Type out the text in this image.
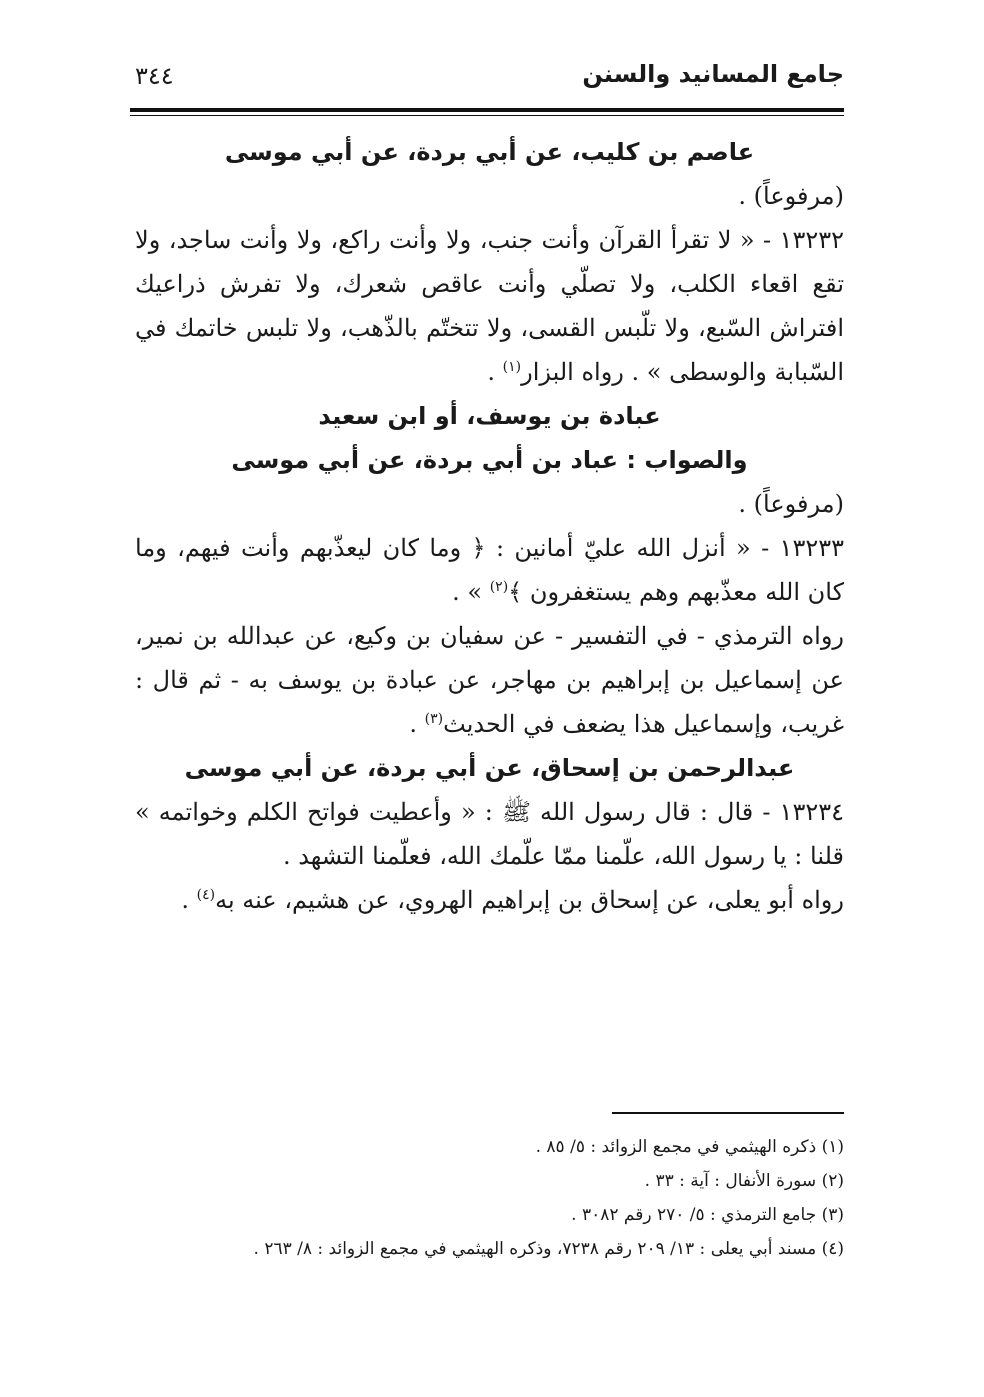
جامع المسانيد والسنن
٣٤٤

عاصم بن كليب، عن أبي بردة، عن أبي موسى

(مرفوعاً) .

١٣٢٣٢ - « لا تقرأ القرآن وأنت جنب، ولا وأنت راكع، ولا وأنت ساجد، ولا تقع اقعاء الكلب، ولا تصلّي وأنت عاقص شعرك، ولا تفرش ذراعيك افتراش السّبع، ولا تلّبس القسى، ولا تتختّم بالذّهب، ولا تلبس خاتمك في السّبابة والوسطى » . رواه البزار$^{(١)}$ .

عبادة بن يوسف، أو ابن سعيد

والصواب : عباد بن أبي بردة، عن أبي موسى

(مرفوعاً) .

١٣٢٣٣ - « أنزل الله عليّ أمانين : ﴿ وما كان ليعذّبهم وأنت فيهم، وما كان الله معذّبهم وهم يستغفرون ﴾$^{(٢)}$ » .

رواه الترمذي - في التفسير - عن سفيان بن وكيع، عن عبدالله بن نمير، عن إسماعيل بن إبراهيم بن مهاجر، عن عبادة بن يوسف به - ثم قال : غريب، وإسماعيل هذا يضعف في الحديث$^{(٣)}$ .

عبدالرحمن بن إسحاق، عن أبي بردة، عن أبي موسى

١٣٢٣٤ - قال : قال رسول الله ﷺ : « وأعطيت فواتح الكلم وخواتمه » قلنا : يا رسول الله، علّمنا ممّا علّمك الله، فعلّمنا التشهد .

رواه أبو يعلى، عن إسحاق بن إبراهيم الهروي، عن هشيم، عنه به$^{(٤)}$ .

(١) ذكره الهيثمي في مجمع الزوائد : ٥/ ٨٥ .

(٢) سورة الأنفال : آية : ٣٣ .

(٣) جامع الترمذي : ٥/ ٢٧٠ رقم ٣٠٨٢ .

(٤) مسند أبي يعلى : ١٣/ ٢٠٩ رقم ٧٢٣٨، وذكره الهيثمي في مجمع الزوائد : ٨/ ٢٦٣ .
